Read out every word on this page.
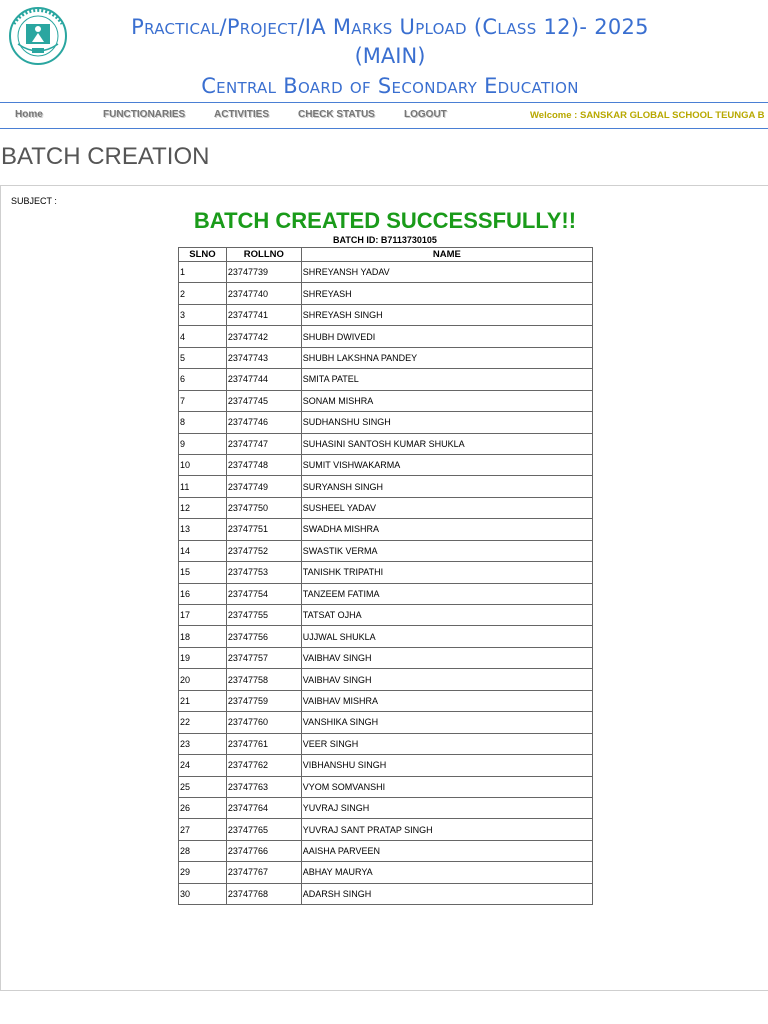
Practical/Project/IA Marks Upload (Class 12)- 2025
(MAIN)
Central Board of Secondary Education
Home	FUNCTIONARIES	ACTIVITIES	CHECK STATUS	LOGOUT	Welcome : SANSKAR GLOBAL SCHOOL TEUNGA B
BATCH CREATION
SUBJECT :
BATCH CREATED SUCCESSFULLY!!
BATCH ID: B7113730105
SLNO	ROLLNO	NAME
1	23747739	SHREYANSH YADAV
2	23747740	SHREYASH
3	23747741	SHREYASH SINGH
4	23747742	SHUBH DWIVEDI
5	23747743	SHUBH LAKSHNA PANDEY
6	23747744	SMITA PATEL
7	23747745	SONAM MISHRA
8	23747746	SUDHANSHU SINGH
9	23747747	SUHASINI SANTOSH KUMAR SHUKLA
10	23747748	SUMIT VISHWAKARMA
11	23747749	SURYANSH SINGH
12	23747750	SUSHEEL YADAV
13	23747751	SWADHA MISHRA
14	23747752	SWASTIK VERMA
15	23747753	TANISHK TRIPATHI
16	23747754	TANZEEM FATIMA
17	23747755	TATSAT OJHA
18	23747756	UJJWAL SHUKLA
19	23747757	VAIBHAV SINGH
20	23747758	VAIBHAV SINGH
21	23747759	VAIBHAV MISHRA
22	23747760	VANSHIKA SINGH
23	23747761	VEER SINGH
24	23747762	VIBHANSHU SINGH
25	23747763	VYOM SOMVANSHI
26	23747764	YUVRAJ SINGH
27	23747765	YUVRAJ SANT PRATAP SINGH
28	23747766	AAISHA PARVEEN
29	23747767	ABHAY MAURYA
30	23747768	ADARSH SINGH
